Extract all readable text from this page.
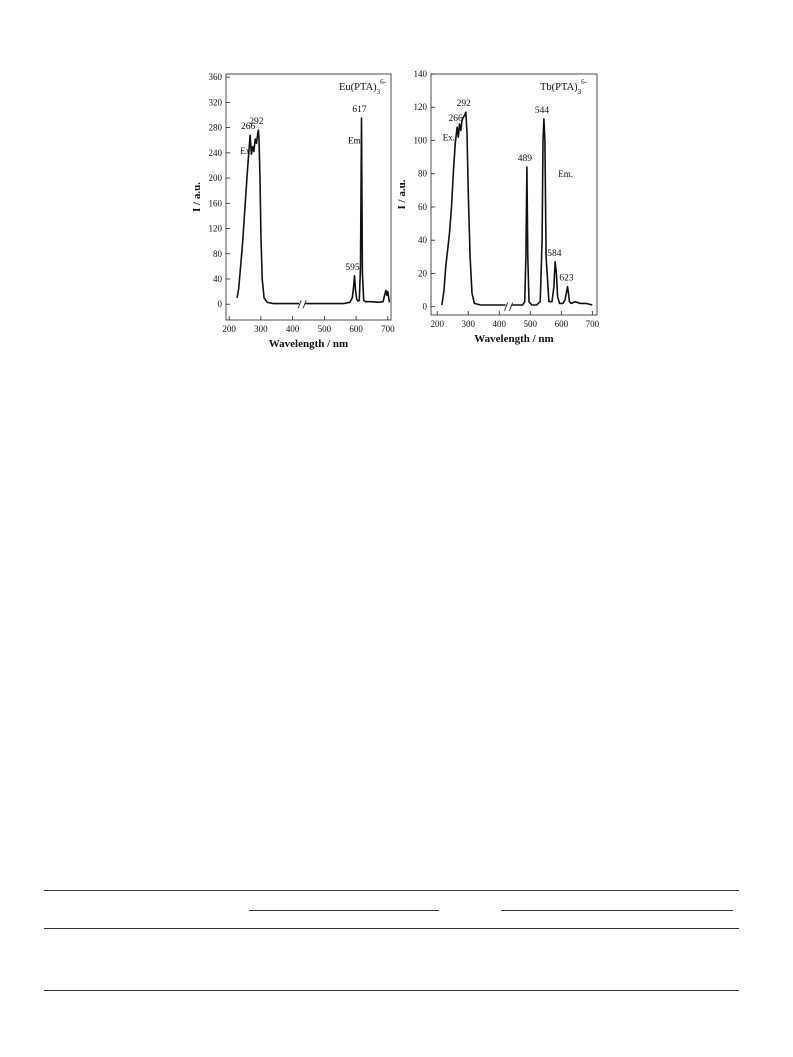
0
40
80
120
160
200
240
280
320
360
200 300 400 500 600 700
266
292
617
595
Ex.
Em.
$Eu(PTA)_3^{6-}$
Wavelength / nm
I / a.u.
0
20
40
60
80
100
120
140
200 300 400 500 600 700
266
292
489
544
584
623
Ex.
Em.
$Tb(PTA)_3^{6-}$
Wavelength / nm
I / a.u.
